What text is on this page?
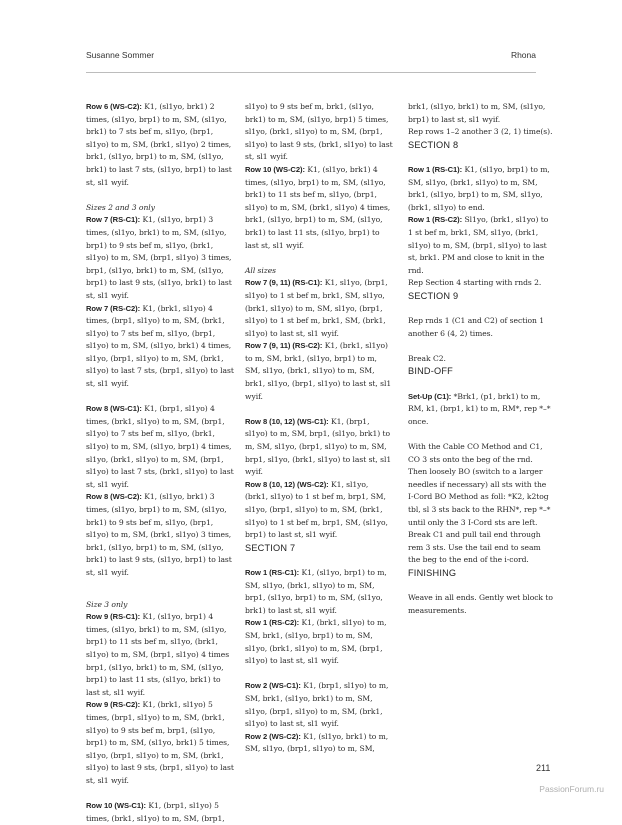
Susanne Sommer	Rhona

Row 6 (WS-C2): K1, (sl1yo, brk1) 2 times, (sl1yo, brp1) to m, SM, (sl1yo, brk1) to 7 sts bef m, sl1yo, (brp1, sl1yo) to m, SM, (brk1, sl1yo) 2 times, brk1, (sl1yo, brp1) to m, SM, (sl1yo, brk1) to last 7 sts, (sl1yo, brp1) to last st, sl1 wyif.

Sizes 2 and 3 only

Row 7 (RS-C1): K1, (sl1yo, brp1) 3 times, (sl1yo, brk1) to m, SM, (sl1yo, brp1) to 9 sts bef m, sl1yo, (brk1, sl1yo) to m, SM, (brp1, sl1yo) 3 times, brp1, (sl1yo, brk1) to m, SM, (sl1yo, brp1) to last 9 sts, (sl1yo, brk1) to last st, sl1 wyif.

Row 7 (RS-C2): K1, (brk1, sl1yo) 4 times, (brp1, sl1yo) to m, SM, (brk1, sl1yo) to 7 sts bef m, sl1yo, (brp1, sl1yo) to m, SM, (sl1yo, brk1) 4 times, sl1yo, (brp1, sl1yo) to m, SM, (brk1, sl1yo) to last 7 sts, (brp1, sl1yo) to last st, sl1 wyif.

Row 8 (WS-C1): K1, (brp1, sl1yo) 4 times, (brk1, sl1yo) to m, SM, (brp1, sl1yo) to 7 sts bef m, sl1yo, (brk1, sl1yo) to m, SM, (sl1yo, brp1) 4 times, sl1yo, (brk1, sl1yo) to m, SM, (brp1, sl1yo) to last 7 sts, (brk1, sl1yo) to last st, sl1 wyif.

Row 8 (WS-C2): K1, (sl1yo, brk1) 3 times, (sl1yo, brp1) to m, SM, (sl1yo, brk1) to 9 sts bef m, sl1yo, (brp1, sl1yo) to m, SM, (brk1, sl1yo) 3 times, brk1, (sl1yo, brp1) to m, SM, (sl1yo, brk1) to last 9 sts, (sl1yo, brp1) to last st, sl1 wyif.

Size 3 only

Row 9 (RS-C1): K1, (sl1yo, brp1) 4 times, (sl1yo, brk1) to m, SM, (sl1yo, brp1) to 11 sts bef m, sl1yo, (brk1, sl1yo) to m, SM, (brp1, sl1yo) 4 times brp1, (sl1yo, brk1) to m, SM, (sl1yo, brp1) to last 11 sts, (sl1yo, brk1) to last st, sl1 wyif.

Row 9 (RS-C2): K1, (brk1, sl1yo) 5 times, (brp1, sl1yo) to m, SM, (brk1, sl1yo) to 9 sts bef m, brp1, (sl1yo, brp1) to m, SM, (sl1yo, brk1) 5 times, sl1yo, (brp1, sl1yo) to m, SM, (brk1, sl1yo) to last 9 sts, (brp1, sl1yo) to last st, sl1 wyif.

Row 10 (WS-C1): K1, (brp1, sl1yo) 5 times, (brk1, sl1yo) to m, SM, (brp1,

sl1yo) to 9 sts bef m, brk1, (sl1yo, brk1) to m, SM, (sl1yo, brp1) 5 times, sl1yo, (brk1, sl1yo) to m, SM, (brp1, sl1yo) to last 9 sts, (brk1, sl1yo) to last st, sl1 wyif.

Row 10 (WS-C2): K1, (sl1yo, brk1) 4 times, (sl1yo, brp1) to m, SM, (sl1yo, brk1) to 11 sts bef m, sl1yo, (brp1, sl1yo) to m, SM, (brk1, sl1yo) 4 times, brk1, (sl1yo, brp1) to m, SM, (sl1yo, brk1) to last 11 sts, (sl1yo, brp1) to last st, sl1 wyif.

All sizes

Row 7 (9, 11) (RS-C1): K1, sl1yo, (brp1, sl1yo) to 1 st bef m, brk1, SM, sl1yo, (brk1, sl1yo) to m, SM, sl1yo, (brp1, sl1yo) to 1 st bef m, brk1, SM, (brk1, sl1yo) to last st, sl1 wyif.

Row 7 (9, 11) (RS-C2): K1, (brk1, sl1yo) to m, SM, brk1, (sl1yo, brp1) to m, SM, sl1yo, (brk1, sl1yo) to m, SM, brk1, sl1yo, (brp1, sl1yo) to last st, sl1 wyif.

Row 8 (10, 12) (WS-C1): K1, (brp1, sl1yo) to m, SM, brp1, (sl1yo, brk1) to m, SM, sl1yo, (brp1, sl1yo) to m, SM, brp1, sl1yo, (brk1, sl1yo) to last st, sl1 wyif.

Row 8 (10, 12) (WS-C2): K1, sl1yo, (brk1, sl1yo) to 1 st bef m, brp1, SM, sl1yo, (brp1, sl1yo) to m, SM, (brk1, sl1yo) to 1 st bef m, brp1, SM, (sl1yo, brp1) to last st, sl1 wyif.

SECTION 7

Row 1 (RS-C1): K1, (sl1yo, brp1) to m, SM, sl1yo, (brk1, sl1yo) to m, SM, brp1, (sl1yo, brp1) to m, SM, (sl1yo, brk1) to last st, sl1 wyif.

Row 1 (RS-C2): K1, (brk1, sl1yo) to m, SM, brk1, (sl1yo, brp1) to m, SM, sl1yo, (brk1, sl1yo) to m, SM, (brp1, sl1yo) to last st, sl1 wyif.

Row 2 (WS-C1): K1, (brp1, sl1yo) to m, SM, brk1, (sl1yo, brk1) to m, SM, sl1yo, (brp1, sl1yo) to m, SM, (brk1, sl1yo) to last st, sl1 wyif.

Row 2 (WS-C2): K1, (sl1yo, brk1) to m, SM, sl1yo, (brp1, sl1yo) to m, SM,

brk1, (sl1yo, brk1) to m, SM, (sl1yo, brp1) to last st, sl1 wyif.

Rep rows 1–2 another 3 (2, 1) time(s).

SECTION 8

Row 1 (RS-C1): K1, (sl1yo, brp1) to m, SM, sl1yo, (brk1, sl1yo) to m, SM, brk1, (sl1yo, brp1) to m, SM, sl1yo, (brk1, sl1yo) to end.

Row 1 (RS-C2): Sl1yo, (brk1, sl1yo) to 1 st bef m, brk1, SM, sl1yo, (brk1, sl1yo) to m, SM, (brp1, sl1yo) to last st, brk1. PM and close to knit in the rnd.

Rep Section 4 starting with rnds 2.

SECTION 9

Rep rnds 1 (C1 and C2) of section 1 another 6 (4, 2) times.

Break C2.

BIND-OFF

Set-Up (C1): *Brk1, (p1, brk1) to m, RM, k1, (brp1, k1) to m, RM*, rep *–* once.

With the Cable CO Method and C1, CO 3 sts onto the beg of the rnd. Then loosely BO (switch to a larger needles if necessary) all sts with the I-Cord BO Method as foll: *K2, k2tog tbl, sl 3 sts back to the RHN*, rep *–* until only the 3 I-Cord sts are left. Break C1 and pull tail end through rem 3 sts. Use the tail end to seam the beg to the end of the i-cord.

FINISHING

Weave in all ends. Gently wet block to measurements.

211
PassionForum.ru
